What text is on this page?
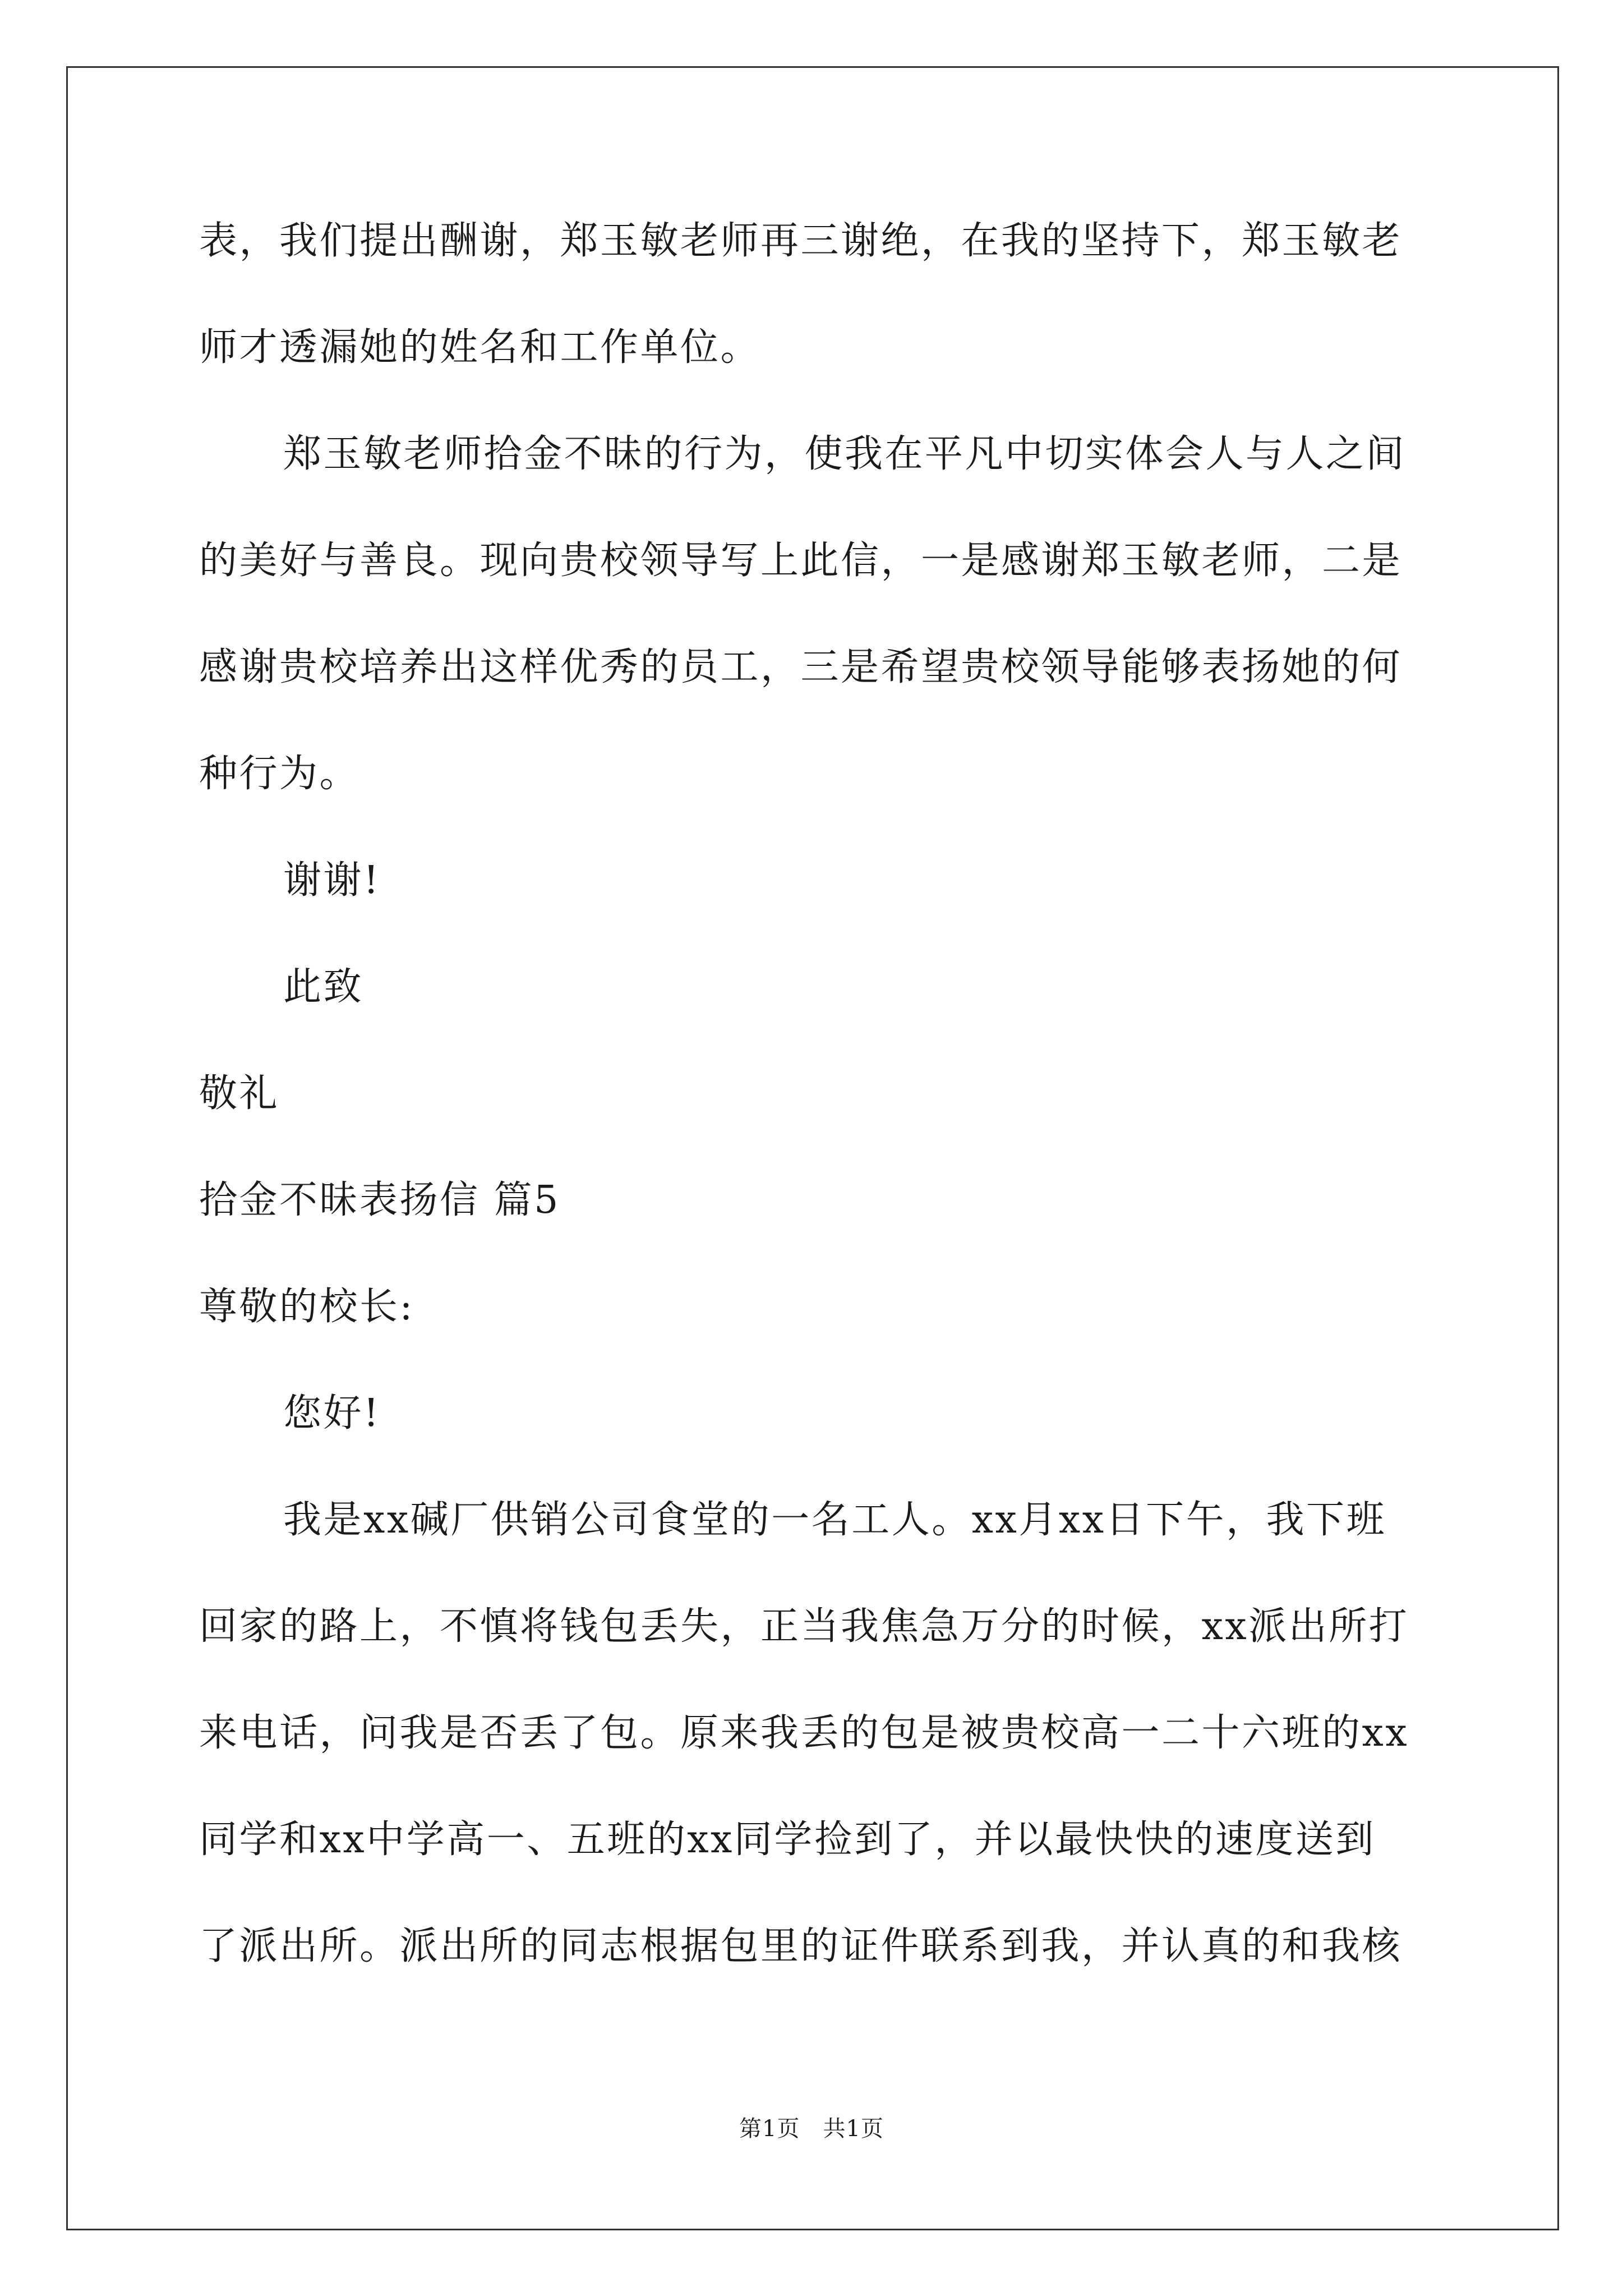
表，我们提出酬谢，郑玉敏老师再三谢绝，在我的坚持下，郑玉敏老
师才透漏她的姓名和工作单位。
郑玉敏老师拾金不昧的行为，使我在平凡中切实体会人与人之间
的美好与善良。现向贵校领导写上此信，一是感谢郑玉敏老师，二是
感谢贵校培养出这样优秀的员工，三是希望贵校领导能够表扬她的何
种行为。
谢谢!
此致
敬礼
拾金不昧表扬信 篇5
尊敬的校长:
您好!
我是xx碱厂供销公司食堂的一名工人。xx月xx日下午，我下班
回家的路上，不慎将钱包丢失，正当我焦急万分的时候，xx派出所打
来电话，问我是否丢了包。原来我丢的包是被贵校高一二十六班的xx
同学和xx中学高一、五班的xx同学捡到了，并以最快快的速度送到
了派出所。派出所的同志根据包里的证件联系到我，并认真的和我核
第1页　共1页
